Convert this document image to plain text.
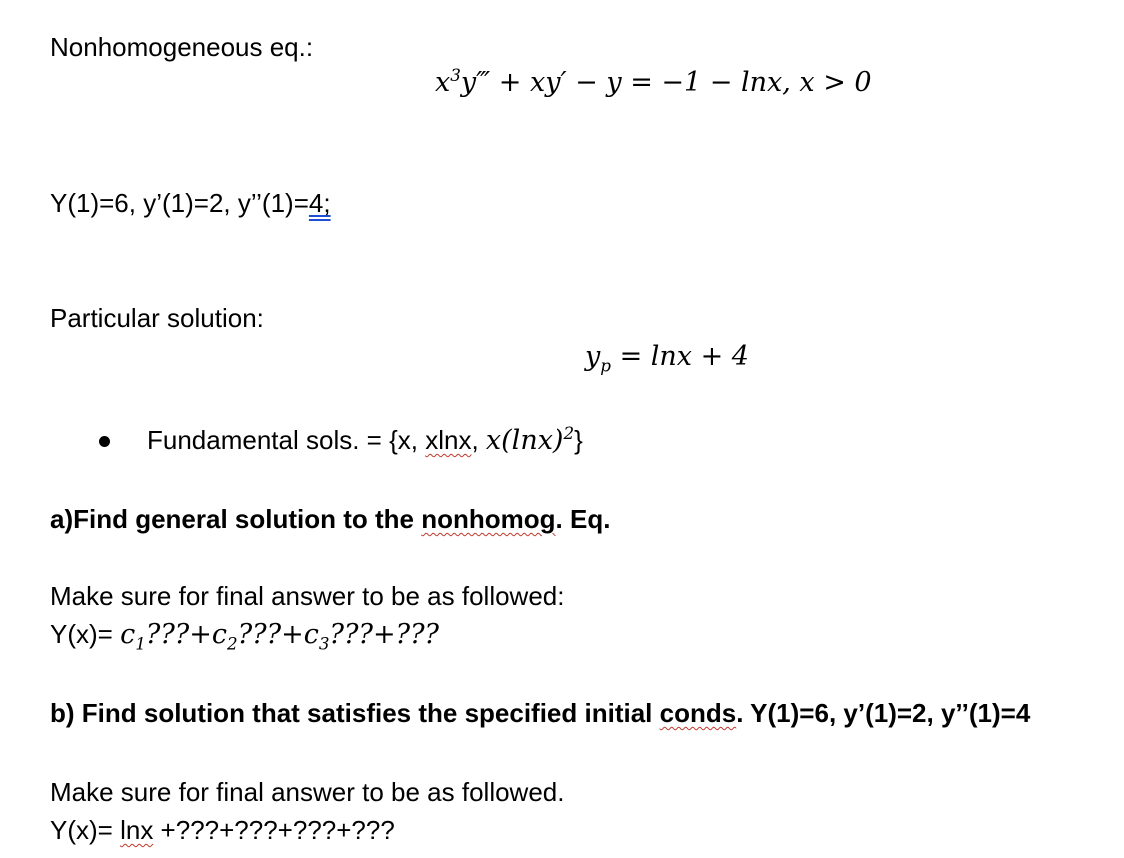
Nonhomogeneous eq.:
$x^3y‴ + xy' - y = -1 - \ln x$, x > 0
Y(1)=6, y’(1)=2, y’’(1)=4;
Particular solution:
$y_p = \ln x + 4$
Fundamental sols. = {x, xlnx, $x(\ln x)^2$}
a)Find general solution to the nonhomog. Eq.
Make sure for final answer to be as followed:
$Y(x)= c_1???+c_2???+c_3???+$???
b) Find solution that satisfies the specified initial conds. Y(1)=6, y’(1)=2, y’’(1)=4
Make sure for final answer to be as followed.
Y(x)= lnx +???+???+???+???
